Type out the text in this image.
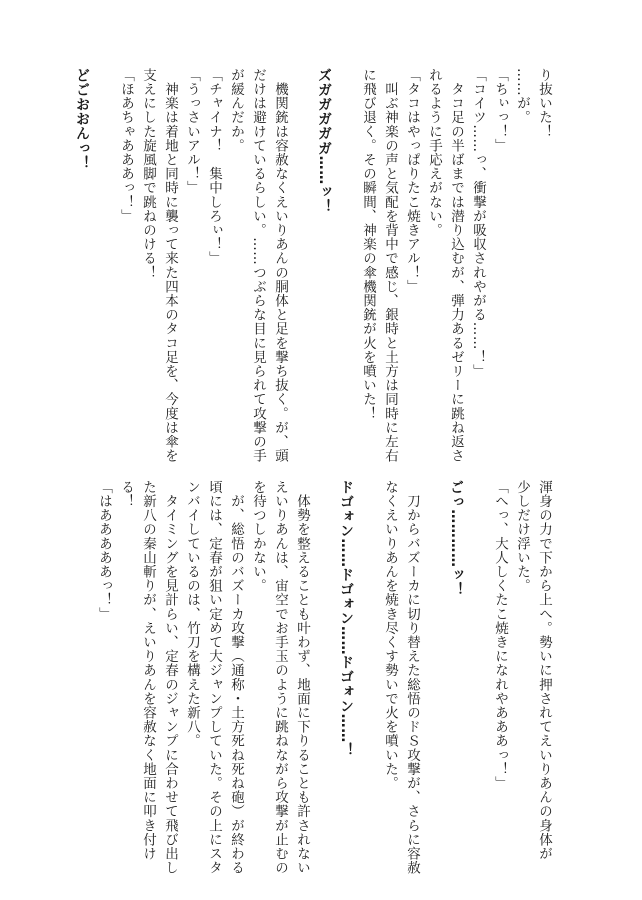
り抜いた！
……が。
「ちぃっ！」
「コイツ……っ、衝撃が吸収されやがる……！」
　タコ足の半ばまでは潜り込むが、弾力あるゼリーに跳ね返さ
れるように手応えがない。
「タコはやっぱりたこ焼きアル！」
　叫ぶ神楽の声と気配を背中で感じ、銀時と土方は同時に左右
に飛び退く。その瞬間、神楽の傘機関銃が火を噴いた！
ズガガガガガ……ッ！
　機関銃は容赦なくえいりあんの胴体と足を撃ち抜く。が、頭
だけは避けているらしい。……つぶらな目に見られて攻撃の手
が緩んだか。
「チャイナ！　集中しろぃ！」
「うっさいアル！」
　神楽は着地と同時に襲って来た四本のタコ足を、今度は傘を
支えにした旋風脚で跳ねのける！
「ほあちゃあああっ！」
どごおおんっ！
渾身の力で下から上へ。勢いに押されてえいりあんの身体が
少しだけ浮いた。
「へっ、大人しくたこ焼きになれやあああっ！」
ごっ…………ッ！
　刀からバズーカに切り替えた総悟のドＳ攻撃が、さらに容赦
なくえいりあんを焼き尽くす勢いで火を噴いた。
ドゴォン……ドゴォン……ドゴォン……！
　体勢を整えることも叶わず、地面に下りることも許されない
えいりあんは、宙空でお手玉のように跳ねながら攻撃が止むの
を待つしかない。
　が、総悟のバズーカ攻撃（通称・土方死ね死ね砲）が終わる
頃には、定春が狙い定めて大ジャンプしていた。その上にスタ
ンバイしているのは、竹刀を構えた新八。
　タイミングを見計らい、定春のジャンプに合わせて飛び出し
た新八の秦山斬りが、えいりあんを容赦なく地面に叩き付け
る！
「はあああああっ！」
